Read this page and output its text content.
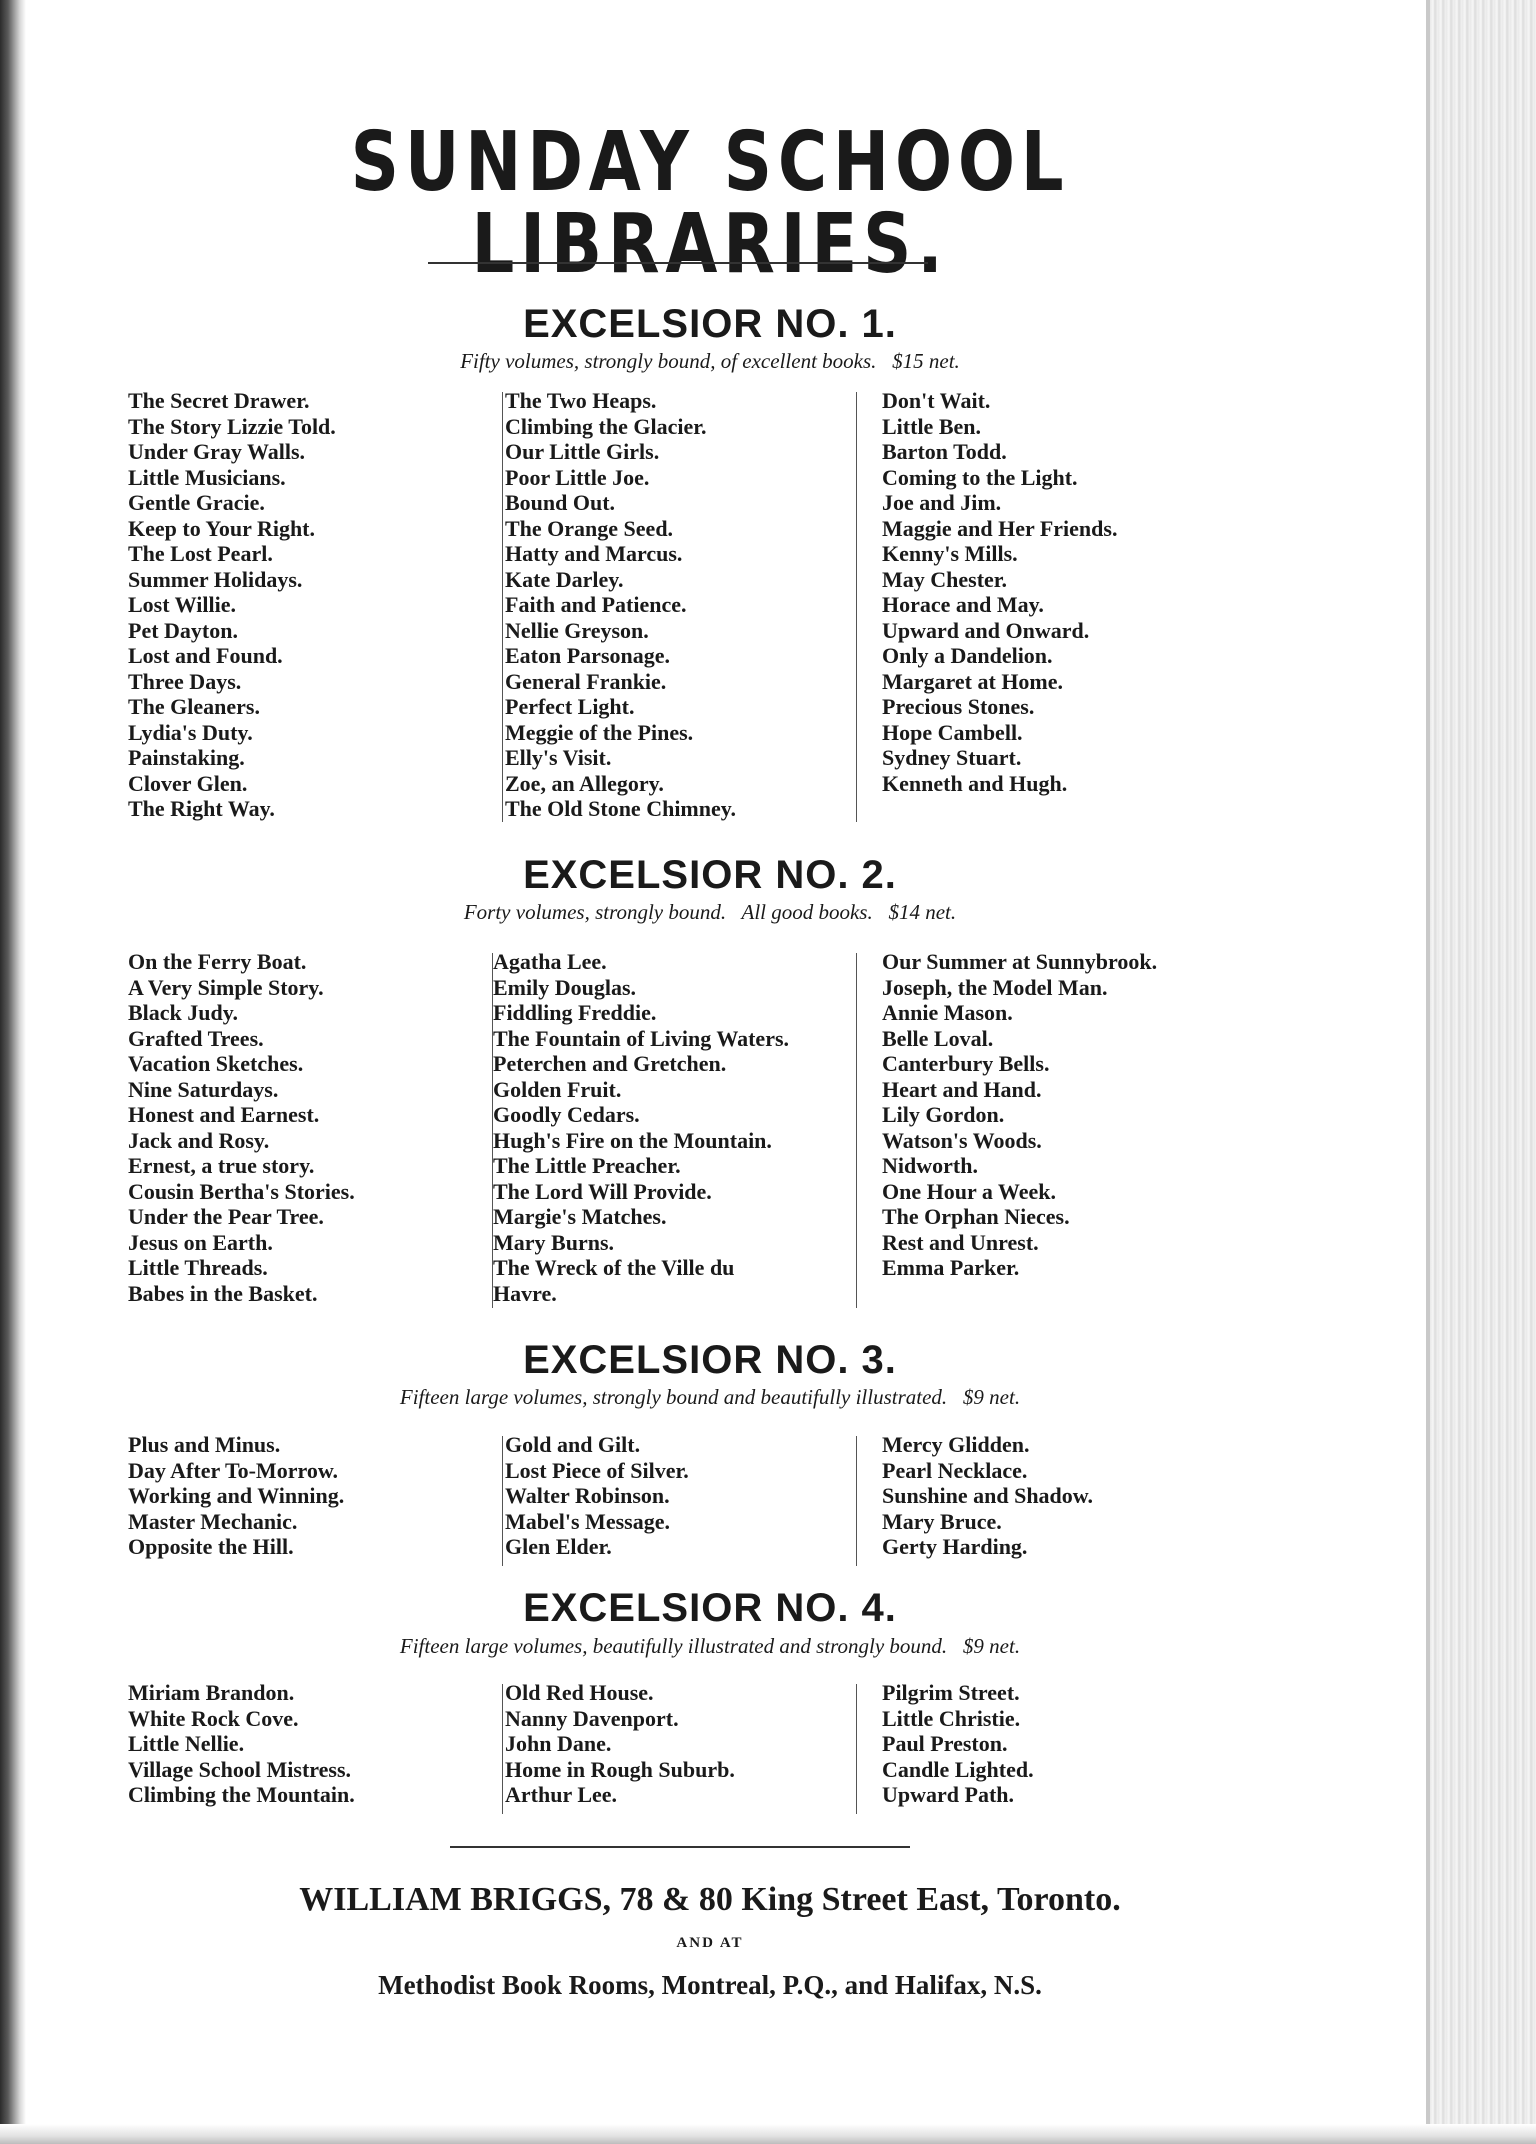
SUNDAY SCHOOL LIBRARIES.
EXCELSIOR NO. 1.

Fifty volumes, strongly bound, of excellent books.   $15 net.

The Secret Drawer.
The Story Lizzie Told.
Under Gray Walls.
Little Musicians.
Gentle Gracie.
Keep to Your Right.
The Lost Pearl.
Summer Holidays.
Lost Willie.
Pet Dayton.
Lost and Found.
Three Days.
The Gleaners.
Lydia's Duty.
Painstaking.
Clover Glen.
The Right Way.
The Two Heaps.
Climbing the Glacier.
Our Little Girls.
Poor Little Joe.
Bound Out.
The Orange Seed.
Hatty and Marcus.
Kate Darley.
Faith and Patience.
Nellie Greyson.
Eaton Parsonage.
General Frankie.
Perfect Light.
Meggie of the Pines.
Elly's Visit.
Zoe, an Allegory.
The Old Stone Chimney.
Don't Wait.
Little Ben.
Barton Todd.
Coming to the Light.
Joe and Jim.
Maggie and Her Friends.
Kenny's Mills.
May Chester.
Horace and May.
Upward and Onward.
Only a Dandelion.
Margaret at Home.
Precious Stones.
Hope Cambell.
Sydney Stuart.
Kenneth and Hugh.
EXCELSIOR NO. 2.

Forty volumes, strongly bound.   All good books.   $14 net.

On the Ferry Boat.
A Very Simple Story.
Black Judy.
Grafted Trees.
Vacation Sketches.
Nine Saturdays.
Honest and Earnest.
Jack and Rosy.
Ernest, a true story.
Cousin Bertha's Stories.
Under the Pear Tree.
Jesus on Earth.
Little Threads.
Babes in the Basket.
Agatha Lee.
Emily Douglas.
Fiddling Freddie.
The Fountain of Living Waters.
Peterchen and Gretchen.
Golden Fruit.
Goodly Cedars.
Hugh's Fire on the Mountain.
The Little Preacher.
The Lord Will Provide.
Margie's Matches.
Mary Burns.
The Wreck of the Ville du
Havre.
Our Summer at Sunnybrook.
Joseph, the Model Man.
Annie Mason.
Belle Loval.
Canterbury Bells.
Heart and Hand.
Lily Gordon.
Watson's Woods.
Nidworth.
One Hour a Week.
The Orphan Nieces.
Rest and Unrest.
Emma Parker.
EXCELSIOR NO. 3.

Fifteen large volumes, strongly bound and beautifully illustrated.   $9 net.

Plus and Minus.
Day After To-Morrow.
Working and Winning.
Master Mechanic.
Opposite the Hill.
Gold and Gilt.
Lost Piece of Silver.
Walter Robinson.
Mabel's Message.
Glen Elder.
Mercy Glidden.
Pearl Necklace.
Sunshine and Shadow.
Mary Bruce.
Gerty Harding.
EXCELSIOR NO. 4.

Fifteen large volumes, beautifully illustrated and strongly bound.   $9 net.

Miriam Brandon.
White Rock Cove.
Little Nellie.
Village School Mistress.
Climbing the Mountain.
Old Red House.
Nanny Davenport.
John Dane.
Home in Rough Suburb.
Arthur Lee.
Pilgrim Street.
Little Christie.
Paul Preston.
Candle Lighted.
Upward Path.

WILLIAM BRIGGS, 78 & 80 King Street East, Toronto.

AND AT

Methodist Book Rooms, Montreal, P.Q., and Halifax, N.S.
